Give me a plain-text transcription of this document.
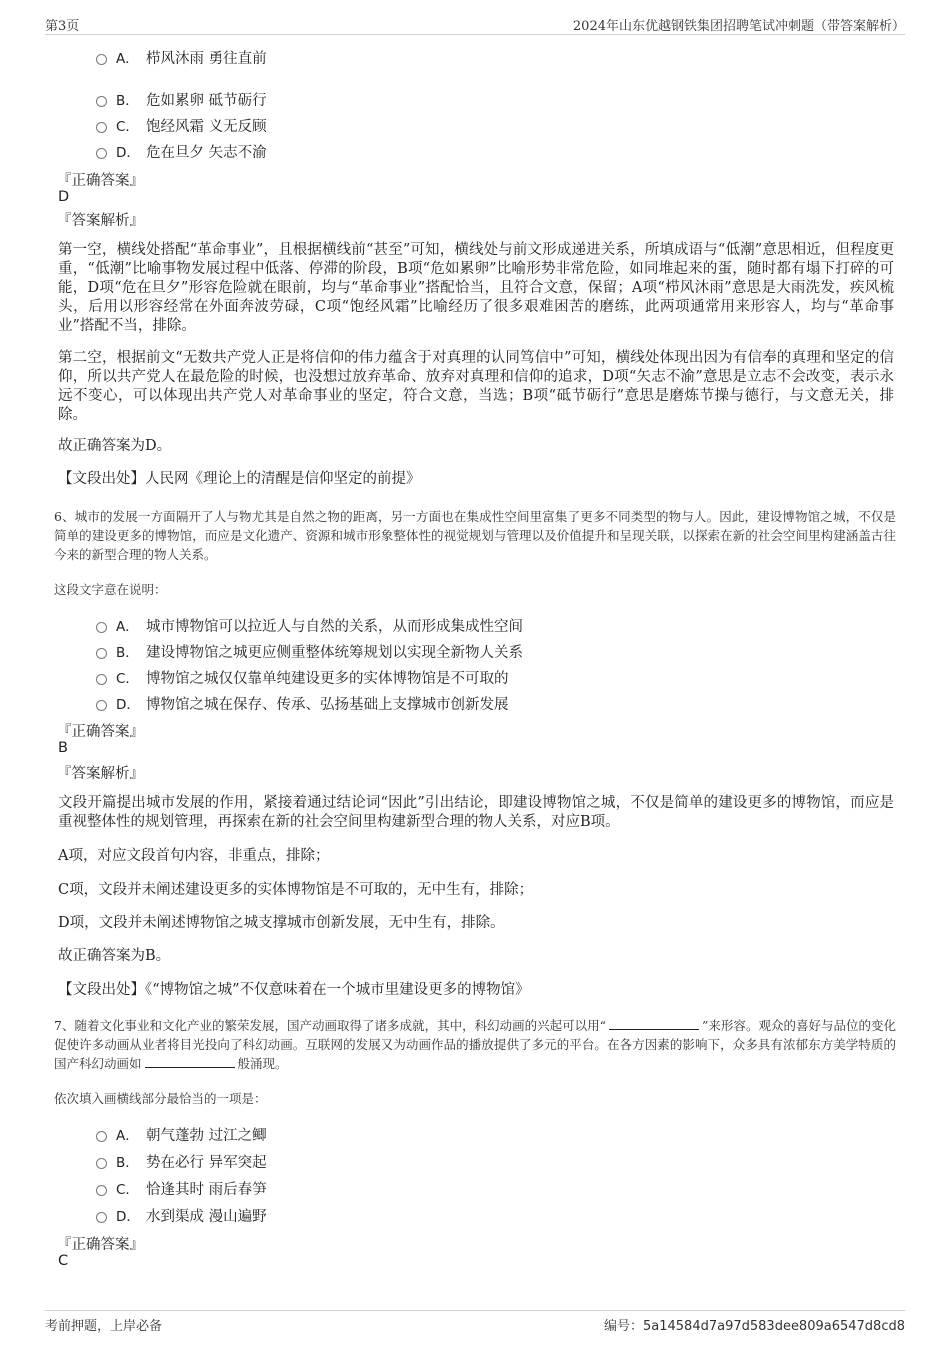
第3页	2024年山东优越钢铁集团招聘笔试冲刺题（带答案解析）
A． 栉风沐雨 勇往直前
B． 危如累卵 砥节砺行
C． 饱经风霜 义无反顾
D． 危在旦夕 矢志不渝
『正确答案』
D
『答案解析』
第一空，横线处搭配“革命事业”，且根据横线前“甚至”可知，横线处与前文形成递进关系，所填成语与“低潮”意思相近，但程度更重，“低潮”比喻事物发展过程中低落、停滞的阶段，B项“危如累卵”比喻形势非常危险，如同堆起来的蛋，随时都有塌下打碎的可能，D项“危在旦夕”形容危险就在眼前，均与“革命事业”搭配恰当，且符合文意，保留；A项“栉风沐雨”意思是大雨洗发，疾风梳头，后用以形容经常在外面奔波劳碌，C项“饱经风霜”比喻经历了很多艰难困苦的磨练，此两项通常用来形容人，均与“革命事业”搭配不当，排除。
第二空，根据前文“无数共产党人正是将信仰的伟力蕴含于对真理的认同笃信中”可知，横线处体现出因为有信奉的真理和坚定的信仰，所以共产党人在最危险的时候，也没想过放弃革命、放弃对真理和信仰的追求，D项“矢志不渝”意思是立志不会改变，表示永远不变心，可以体现出共产党人对革命事业的坚定，符合文意，当选；B项“砥节砺行”意思是磨炼节操与德行，与文意无关，排除。
故正确答案为D。
【文段出处】人民网《理论上的清醒是信仰坚定的前提》
6、城市的发展一方面隔开了人与物尤其是自然之物的距离，另一方面也在集成性空间里富集了更多不同类型的物与人。因此，建设博物馆之城，不仅是简单的建设更多的博物馆，而应是文化遗产、资源和城市形象整体性的视觉规划与管理以及价值提升和呈现关联，以探索在新的社会空间里构建涵盖古往今来的新型合理的物人关系。
这段文字意在说明：
A． 城市博物馆可以拉近人与自然的关系，从而形成集成性空间
B． 建设博物馆之城更应侧重整体统筹规划以实现全新物人关系
C． 博物馆之城仅仅靠单纯建设更多的实体博物馆是不可取的
D． 博物馆之城在保存、传承、弘扬基础上支撑城市创新发展
『正确答案』
B
『答案解析』
文段开篇提出城市发展的作用，紧接着通过结论词“因此”引出结论，即建设博物馆之城，不仅是简单的建设更多的博物馆，而应是重视整体性的规划管理，再探索在新的社会空间里构建新型合理的物人关系，对应B项。
A项，对应文段首句内容，非重点，排除；
C项，文段并未阐述建设更多的实体博物馆是不可取的，无中生有，排除；
D项，文段并未阐述博物馆之城支撑城市创新发展，无中生有，排除。
故正确答案为B。
【文段出处】《“博物馆之城”不仅意味着在一个城市里建设更多的博物馆》
7、随着文化事业和文化产业的繁荣发展，国产动画取得了诸多成就，其中，科幻动画的兴起可以用“	”来形容。观众的喜好与品位的变化促使许多动画从业者将目光投向了科幻动画。互联网的发展又为动画作品的播放提供了多元的平台。在各方因素的影响下，众多具有浓郁东方美学特质的国产科幻动画如	般涌现。
依次填入画横线部分最恰当的一项是：
A． 朝气蓬勃 过江之鲫
B． 势在必行 异军突起
C． 恰逢其时 雨后春笋
D． 水到渠成 漫山遍野
『正确答案』
C
考前押题，上岸必备	编号：5a14584d7a97d583dee809a6547d8cd8
